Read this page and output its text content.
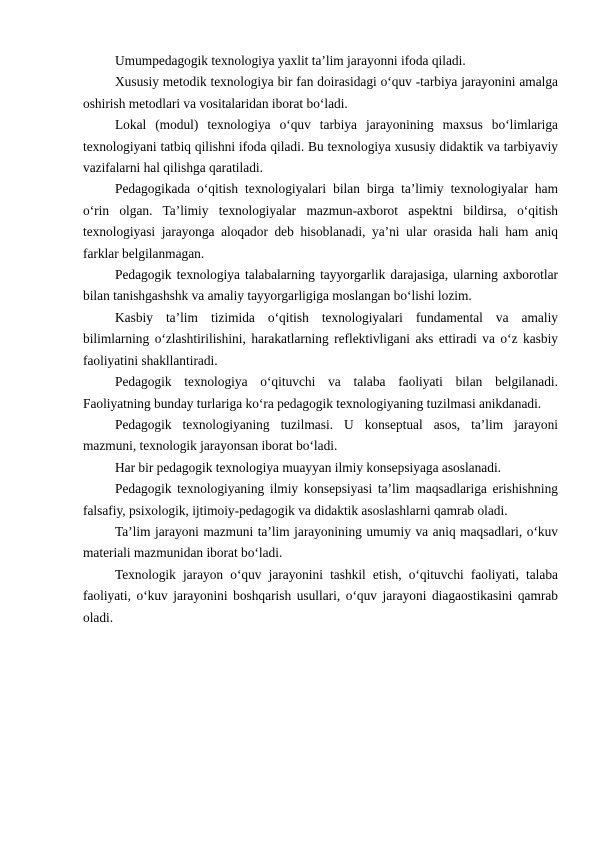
Umumpedagogik texnologiya yaxlit ta’lim jarayonni ifoda qiladi.

Xususiy metodik texnologiya bir fan doirasidagi o‘quv -tarbiya jarayonini amalga oshirish metodlari va vositalaridan iborat bo‘ladi.

Lokal (modul) texnologiya o‘quv tarbiya jarayonining maxsus bo‘limlariga texnologiyani tatbiq qilishni ifoda qiladi. Bu texnologiya xususiy didaktik va tarbiyaviy vazifalarni hal qilishga qaratiladi.

Pedagogikada o‘qitish texnologiyalari bilan birga ta’limiy texnologiyalar ham o‘rin olgan. Ta’limiy texnologiyalar mazmun-axborot aspektni bildirsa, o‘qitish texnologiyasi jarayonga aloqador deb hisoblanadi, ya’ni ular orasida hali ham aniq farklar belgilanmagan.

Pedagogik texnologiya talabalarning tayyorgarlik darajasiga, ularning axborotlar bilan tanishgashshk va amaliy tayyorgarligiga moslangan bo‘lishi lozim.

Kasbiy ta’lim tizimida o‘qitish texnologiyalari fundamental va amaliy bilimlarning o‘zlashtirilishini, harakatlarning reflektivligani aks ettiradi va o‘z kasbiy faoliyatini shakllantiradi.

Pedagogik texnologiya o‘qituvchi va talaba faoliyati bilan belgilanadi. Faoliyatning bunday turlariga ko‘ra pedagogik texnologiyaning tuzilmasi anikdanadi.

Pedagogik texnologiyaning tuzilmasi. U konseptual asos, ta’lim jarayoni mazmuni, texnologik jarayonsan iborat bo‘ladi.

Har bir pedagogik texnologiya muayyan ilmiy konsepsiyaga asoslanadi.

Pedagogik texnologiyaning ilmiy konsepsiyasi ta’lim maqsadlariga erishishning falsafiy, psixologik, ijtimoiy-pedagogik va didaktik asoslashlarni qamrab oladi.

Ta’lim jarayoni mazmuni ta’lim jarayonining umumiy va aniq maqsadlari, o‘kuv materiali mazmunidan iborat bo‘ladi.

Texnologik jarayon o‘quv jarayonini tashkil etish, o‘qituvchi faoliyati, talaba faoliyati, o‘kuv jarayonini boshqarish usullari, o‘quv jarayoni diagaostikasini qamrab oladi.
